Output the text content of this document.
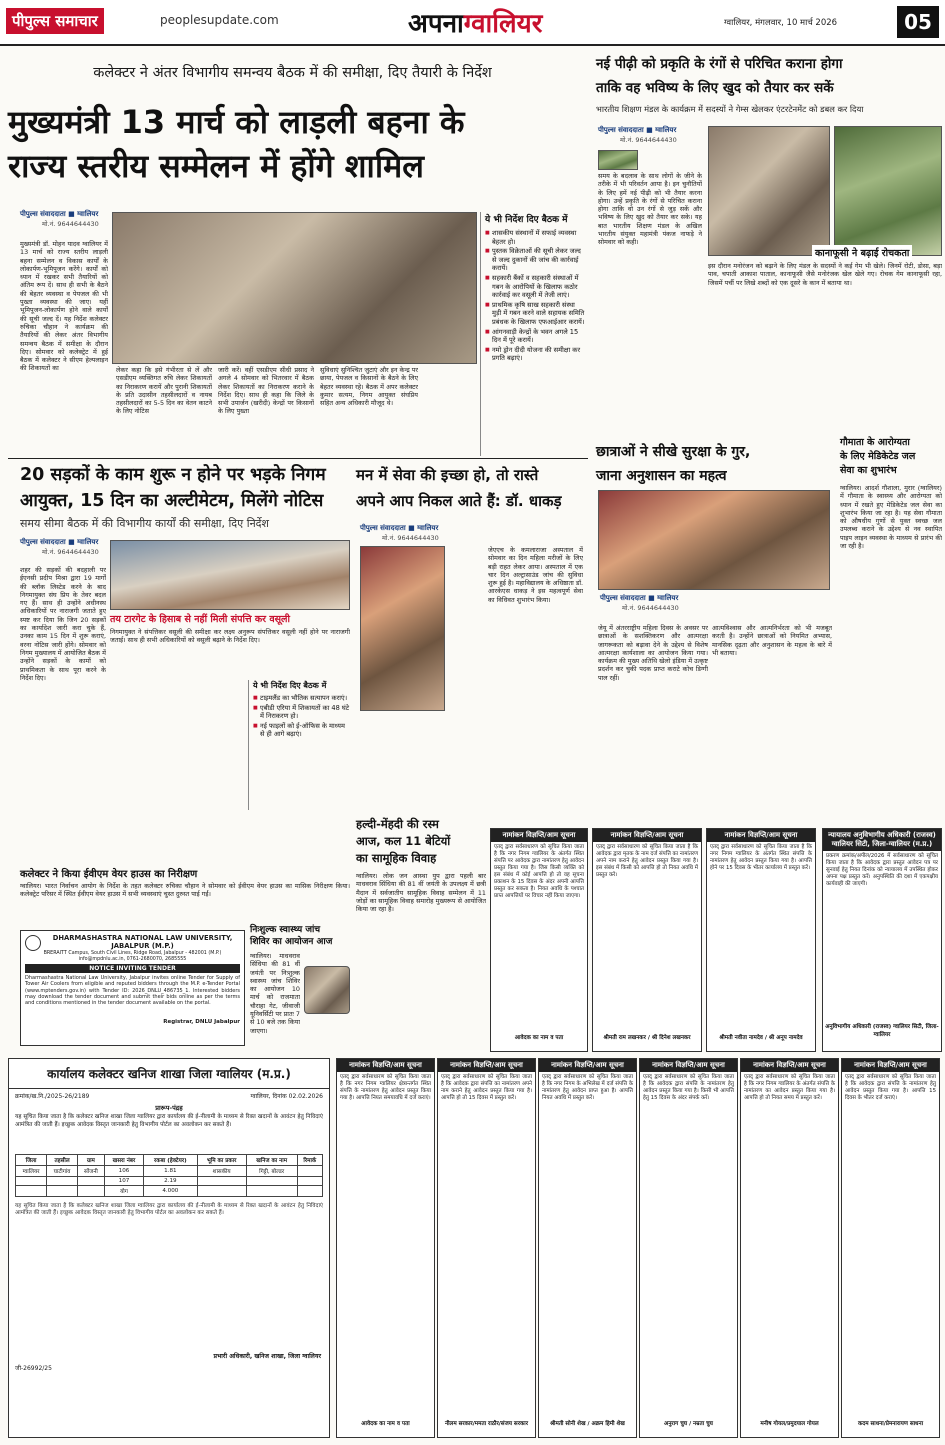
पीपुल्स समाचार	peoplesupdate.com	अपनाग्वालियर	ग्वालियर, मंगलवार, 10 मार्च 2026	05
कलेक्टर ने अंतर विभागीय समन्वय बैठक में की समीक्षा, दिए तैयारी के निर्देश
मुख्यमंत्री 13 मार्च को लाड़ली बहना के
राज्य स्तरीय सम्मेलन में होंगे शामिल
पीपुल्स संवाददाता ■ ग्वालियर
मो.नं. 9644644430
मुख्यमंत्री डॉ. मोहन यादव ग्वालियर में 13 मार्च को राज्य स्तरीय लाड़ली बहना सम्मेलन व विकास कार्यों के लोकार्पण-भूमिपूजन करेंगे। कार्यों को ध्यान में रखकर सभी तैयारियों को अंतिम रूप दें। साथ ही सभी के बैठने की बेहतर व्यवस्था व पेयजल की भी पुख्ता व्यवस्था की जाए। यहीं भूमिपूजन-लोकार्पण होने वाले कार्यों की सूची जल्द दें। यह निर्देश कलेक्टर रुचिका चौहान ने कार्यक्रम की तैयारियों की लेकर अंतर विभागीय समन्वय बैठक में समीक्षा के दौरान दिए। सोमवार को कलेक्ट्रेट में हुई बैठक में कलेक्टर ने सीएम हेल्पलाइन की शिकायतों का	लेकर कहा कि इसे गंभीरता से लें और एसडीएम व्यक्तिगत रुचि लेकर शिकायतों का निराकरण करायें और पुरानी शिकायतों के प्रति उदासीन तहसीलदारों व नायब तहसीलदारों का 5-5 दिन का वेतन काटने के लिए नोटिस
जारी करें। वहीं एसडीएम सीधी प्रसाद ने अगले 4 सोमवार को भितरवार में बैठक लेकर शिकायतों का निराकरण कराने के निर्देश दिए। साथ ही कहा कि जिले के सभी उपार्जन (खरीदी) केन्द्रों पर किसानों के लिए पुख्ता
सुविधाएं सुनिश्चित जुटाएं और इन केन्द्र पर छाया, पेयजल व किसानों के बैठने के लिए बेहतर व्यवस्था रहे। बैठक में अपर कलेक्टर कुमार सत्यम, निगम आयुक्त संघप्रिय सहित अन्य अधिकारी मौजूद थे।
ये भी निर्देश दिए बैठक में
■ शासकीय संस्थानों में सफाई व्यवस्था बेहतर हो।
■ पुस्तक विक्रेताओं की सूची लेकर जल्द से जल्द दुकानों की जांच की कार्रवाई करायें।
■ सहकारी बैंकों व सहकारी संस्थाओं में गबन के आरोपियों के खिलाफ कठोर कार्रवाई कर वसूली में तेजी लाएं।
■ प्राथमिक कृषि साख सहकारी संस्था मुड़ी में गबन करने वाले सहायक समिति प्रबंधक के खिलाफ एफआईआर करायें।
■ आंगनवाड़ी केन्द्रों के भवन अगले 15 दिन में पूरे करायें।
■ नमो ड्रोन दीदी योजना की समीक्षा कर प्रगति बढ़ाएं।
20 सड़कों के काम शुरू न होने पर भड़के निगम
आयुक्त, 15 दिन का अल्टीमेटम, मिलेंगे नोटिस
समय सीमा बैठक में की विभागीय कार्यों की समीक्षा, दिए निर्देश
पीपुल्स संवाददाता ■ ग्वालियर
मो.नं. 9644644430
शहर की सड़कों की बदहाली पर ईएनसी प्रदीप मिश्रा द्वारा 19 मार्गों की ब्लॉक लिस्टेड करने के बाद निगमायुक्त संघ प्रिय के तेवर बदल गए हैं। साथ ही उन्होंने अधीनस्थ अधिकारियों पर नाराजगी जताते हुए स्पष्ट कर दिया कि जिन 20 सड़कों का कार्यादेश जारी करा चुके हैं, उनका काम 15 दिन में शुरू कराएं, वरना नोटिस जारी होंगे। सोमवार को निगम मुख्यालय में आयोजित बैठक में उन्होंने सड़कों के कामों को प्राथमिकता के साथ पूरा करने के निर्देश दिए।
तय टारगेट के हिसाब से नहीं मिली संपत्ति कर वसूली
निगमायुक्त ने संपत्तिकर वसूली की समीक्षा कर लक्ष्य अनुरूप संपत्तिकर वसूली नहीं होने पर नाराजगी जताई। साथ ही सभी अधिकारियों को वसूली बढ़ाने के निर्देश दिए।
ये भी निर्देश दिए बैठक में
■ टाइमलैंड का भौतिक सत्यापन कराएं।
■ एबीडी एरिया में शिकायतों का 48 घंटे में निराकरण हो।
■ नई फाइलों को ई-ऑफिस के माध्यम से ही आगे बढ़ाएं।
मन में सेवा की इच्छा हो, तो रास्ते
अपने आप निकल आते हैं: डॉ. धाकड़
पीपुल्स संवाददाता ■ ग्वालियर
मो.नं. 9644644430
जेएएच के कमलाराजा अस्पताल में सोमवार का दिन महिला मरीजों के लिए बड़ी राहत लेकर आया। अस्पताल में एक चार दिन अल्ट्रासाउंड जांच की सुविधा शुरू हुई है। महाविद्यालय के अधिष्ठाता डॉ. आरकेएस धाकड़ ने इस महत्वपूर्ण सेवा का विधिवत शुभारंभ किया।
हल्दी-मेंहदी की रस्म
आज, कल 11 बेटियों
का सामूहिक विवाह
ग्वालियर। लोक जन आस्था युप द्वारा पहली बार माधवराव सिंधिया की 81 वीं जयंती के उपलक्ष्य में छत्री मैदान में सर्वजातीय सामूहिक विवाह सम्मेलन में 11 जोड़ों का सामूहिक विवाह समारोह मुख्यरूप से आयोजित किया जा रहा है।
कलेक्टर ने किया ईवीएम वेयर हाउस का निरीक्षण
ग्वालियर। भारत निर्वाचन आयोग के निर्देश के तहत कलेक्टर रुचिका चौहान ने सोमवार को ईवीएम वेयर हाउस का मासिक निरीक्षण किया। कलेक्ट्रेट परिसर में स्थित ईवीएम वेयर हाउस में सभी व्यवस्थाएं चुस्त दुरुस्त पाई गईं।
निःशुल्क स्वास्थ्य जांच
शिविर का आयोजन आज
ग्वालियर। माधवराव सिंधिया की 81 वीं जयंती पर निःशुल्क स्वास्थ्य जांच शिविर का आयोजन 10 मार्च को राजमाता चौराहा गेट, जीवाजी यूनिवर्सिटी पर प्रातः 7 से 10 बजे तक किया जाएगा।
DHARMASHASTRA NATIONAL LAW UNIVERSITY, JABALPUR (M.P.)
BRERAITT Campus, South Civil Lines, Ridge Road, Jabalpur - 482001 (M.P.)
info@mpdnlu.ac.in, 0761-2680070, 2685555
NOTICE INVITING TENDER
Dharmashastra National Law University, Jabalpur invites online Tender for Supply of Tower Air Coolers from eligible and reputed bidders through the M.P. e-Tender Portal (www.mptenders.gov.in) with Tender ID: 2026_DNLU_486735_1. Interested bidders may download the tender document and submit their bids online as per the terms and conditions mentioned in the tender document available on the portal.
Registrar, DNLU Jabalpur
नई पीढ़ी को प्रकृति के रंगों से परिचित कराना होगा
ताकि वह भविष्य के लिए खुद को तैयार कर सकें
भारतीय शिक्षण मंडल के कार्यक्रम में सदस्यों ने गेम्स खेलकर एंटरटेनमेंट को डबल कर दिया
पीपुल्स संवाददाता ■ ग्वालियर
मो.नं. 9644644430
कानाफूसी ने बढ़ाई रोचकता
समय के बदलाव के साथ लोगों के जीने के तरीके में भी परिवर्तन आया है। इन चुनौतियों के लिए हमें नई पीढ़ी को भी तैयार करना होगा। उन्हें प्रकृति के रंगों से परिचित कराना होगा ताकि वो उन रंगों से जुड़ सकें और भविष्य के लिए खुद को तैयार कर सके। यह बात भारतीय शिक्षण मंडल के अखिल भारतीय संयुक्त महामंत्री पंकज नाफड़े ने सोमवार को कही।
इस दौरान मनोरंजन को बढ़ाने के लिए मंडल के सदस्यों ने कई गेम भी खेले। जिनमें रोटी, डोसा, बड़ा पाव, चपाती आकाश पाताल, कानाफूसी जैसे मनोरंजक खेल खेले गए। रोचक गेम कानाफूसी रहा, जिसमें पर्ची पर लिखे शब्दों को एक दूसरे के कान में बताया था।
छात्राओं ने सीखे सुरक्षा के गुर,
जाना अनुशासन का महत्व
पीपुल्स संवाददाता ■ ग्वालियर
मो.नं. 9644644430
जेयू में अंतरराष्ट्रीय महिला दिवस के अवसर पर छात्राओं के सशक्तिकरण और आत्मरक्षा जागरूकता को बढ़ावा देने के उद्देश्य से विशेष आत्मरक्षा कार्यशाला का आयोजन किया गया। कार्यक्रम की मुख्य अतिथि खेलो इंडिया में उत्कृष्ट प्रदर्शन कर चुकी पदक प्राप्त कराटे कोच डिग्गी पाल रहीं।
आत्मविश्वास और आत्मनिर्भरता को भी मजबूत करती है। उन्होंने छात्राओं को नियमित अभ्यास, मानसिक दृढ़ता और अनुशासन के महत्व के बारे में भी बताया।
गौमाता के आरोग्यता
के लिए मेडिकेटेड जल
सेवा का शुभारंभ
ग्वालियर। आदर्श गौशाला, मुरार (ग्वालियर) में गौमाता के स्वास्थ्य और आरोग्यता को ध्यान में रखते हुए मेडिकेटेड जल सेवा का शुभारंभ किया जा रहा है। यह सेवा गौमाता को औषधीय गुणों से युक्त स्वच्छ जल उपलब्ध कराने के उद्देश्य से नव स्थापित पाइप लाइन व्यवस्था के माध्यम से प्रारंभ की जा रही है।
नामांकन विज्ञप्ति/आम सूचना
एतद् द्वारा सर्वसाधारण को सूचित किया जाता है कि नगर निगम ग्वालियर के अंतर्गत स्थित संपत्ति पर आवेदक द्वारा नामांतरण हेतु आवेदन प्रस्तुत किया गया है। जिस किसी व्यक्ति को इस संबंध में कोई आपत्ति हो तो वह सूचना प्रकाशन के 15 दिवस के अंदर अपनी आपत्ति प्रस्तुत कर सकता है। नियत अवधि के पश्चात प्राप्त आपत्तियों पर विचार नहीं किया जाएगा।
आवेदक का नाम व पता
नामांकन विज्ञप्ति/आम सूचना
एतद् द्वारा सर्वसाधारण को सूचित किया जाता है कि आवेदक द्वारा मृतक के नाम दर्ज संपत्ति का नामांतरण अपने नाम कराने हेतु आवेदन प्रस्तुत किया गया है। इस संबंध में किसी को आपत्ति हो तो नियत अवधि में प्रस्तुत करे।
श्रीमती राम लखनकर / श्री दिनेश लखनकर
नामांकन विज्ञप्ति/आम सूचना
एतद् द्वारा सर्वसाधारण को सूचित किया जाता है कि नगर निगम ग्वालियर के अंतर्गत स्थित संपत्ति के नामांतरण हेतु आवेदन प्रस्तुत किया गया है। आपत्ति होने पर 15 दिवस के भीतर कार्यालय में प्रस्तुत करें।
श्रीमती नवीता नामदेव / श्री अनूप नामदेव
न्यायालय अनुविभागीय अधिकारी (राजस्व) ग्वालियर सिटी, जिला-ग्वालियर (म.प्र.)
प्रकरण क्रमांक/अपील/2026 में सर्वसाधारण को सूचित किया जाता है कि आवेदक द्वारा प्रस्तुत आवेदन पत्र पर सुनवाई हेतु नियत दिनांक को न्यायालय में उपस्थित होकर अपना पक्ष प्रस्तुत करें। अनुपस्थिति की दशा में एकपक्षीय कार्यवाही की जाएगी।
अनुविभागीय अधिकारी (राजस्व) ग्वालियर सिटी, जिला-ग्वालियर
कार्यालय कलेक्टर खनिज शाखा जिला ग्वालियर (म.प्र.)
क्रमांक/ख.नि./2025-26/2189	ग्वालियर, दिनांक 02.02.2026
प्रारूप-पंद्रह
यह सूचित किया जाता है कि कलेक्टर खनिज शाखा जिला ग्वालियर द्वारा कार्यालय की ई-नीलामी के माध्यम से रिक्त खदानों के आवंटन हेतु निविदाएं आमंत्रित की जाती हैं। इच्छुक आवेदक विस्तृत जानकारी हेतु विभागीय पोर्टल का अवलोकन कर सकते हैं।
जिला	तहसील	ग्राम	खसरा नंबर	रकबा (हेक्टेयर)	भूमि का प्रकार	खनिज का नाम	रिमार्क
ग्वालियर	घाटीगांव	सोंजनी	106	1.81	शासकीय	गिट्टी, बोल्डर	
			107	2.19			
			योग	4.000			
यह सूचित किया जाता है कि कलेक्टर खनिज शाखा जिला ग्वालियर द्वारा कार्यालय की ई-नीलामी के माध्यम से रिक्त खदानों के आवंटन हेतु निविदाएं आमंत्रित की जाती हैं। इच्छुक आवेदक विस्तृत जानकारी हेतु विभागीय पोर्टल का अवलोकन कर सकते हैं।
प्रभारी अधिकारी, खनिज शाखा, जिला ग्वालियर
जी-26992/25
नामांकन विज्ञप्ति/आम सूचना
एतद् द्वारा सर्वसाधारण को सूचित किया जाता है कि नगर निगम ग्वालियर क्षेत्रान्तर्गत स्थित संपत्ति के नामांतरण हेतु आवेदन प्रस्तुत किया गया है। आपत्ति नियत समयावधि में दर्ज कराएं।
आवेदक का नाम व पता
नामांकन विज्ञप्ति/आम सूचना
एतद् द्वारा सर्वसाधारण को सूचित किया जाता है कि आवेदक द्वारा संपत्ति का नामांतरण अपने नाम कराने हेतु आवेदन प्रस्तुत किया गया है। आपत्ति हो तो 15 दिवस में प्रस्तुत करें।
नीलम सरकार/ममता राठौर/संजय सरकार
नामांकन विज्ञप्ति/आम सूचना
एतद् द्वारा सर्वसाधारण को सूचित किया जाता है कि नगर निगम के अभिलेख में दर्ज संपत्ति के नामांतरण हेतु आवेदन प्राप्त हुआ है। आपत्ति नियत अवधि में प्रस्तुत करें।
श्रीमती सोनी शेख / अक्रम हिमी शेख
नामांकन विज्ञप्ति/आम सूचना
एतद् द्वारा सर्वसाधारण को सूचित किया जाता है कि आवेदक द्वारा संपत्ति के नामांतरण हेतु आवेदन प्रस्तुत किया गया है। किसी भी आपत्ति हेतु 15 दिवस के अंदर संपर्क करें।
अनुराग चुघ / नम्रता चुघ
नामांकन विज्ञप्ति/आम सूचना
एतद् द्वारा सर्वसाधारण को सूचित किया जाता है कि नगर निगम ग्वालियर के अंतर्गत संपत्ति के नामांतरण का आवेदन प्रस्तुत किया गया है। आपत्ति हो तो नियत समय में प्रस्तुत करें।
मनीष गोयल/प्रमुदयाल गोयल
नामांकन विज्ञप्ति/आम सूचना
एतद् द्वारा सर्वसाधारण को सूचित किया जाता है कि आवेदक द्वारा संपत्ति के नामांतरण हेतु आवेदन प्रस्तुत किया गया है। आपत्ति 15 दिवस के भीतर दर्ज कराएं।
कदम साधना/प्रेमनारायण साधना
